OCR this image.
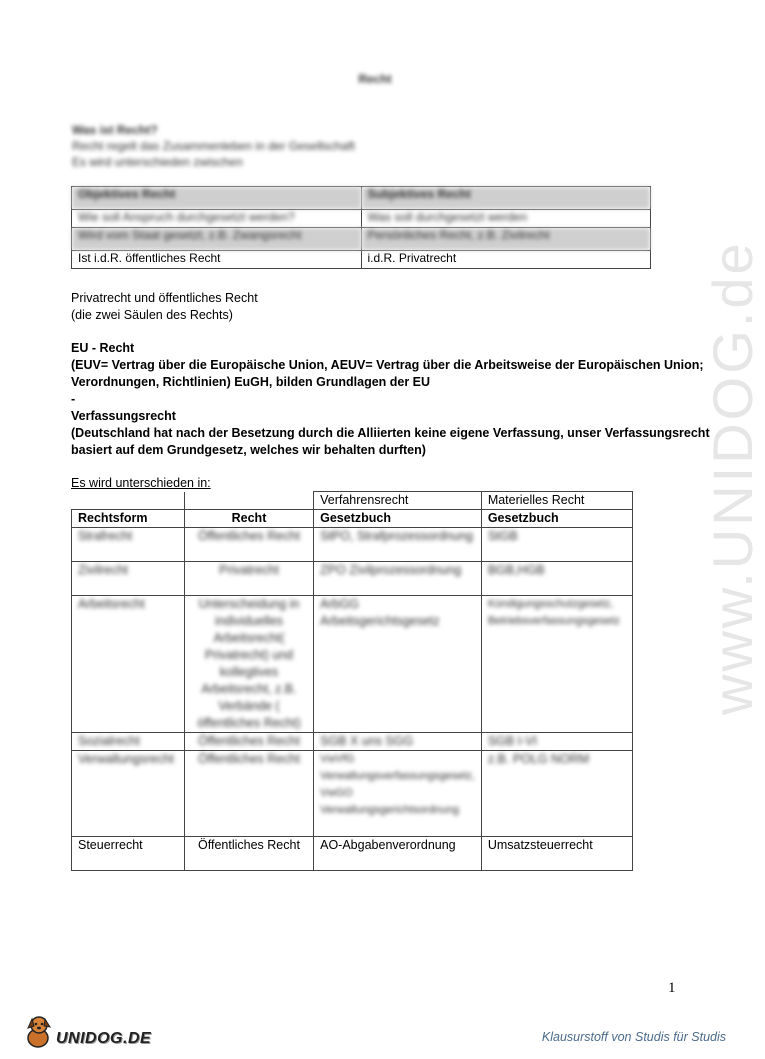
Recht
Was ist Recht?
Recht regelt das Zusammenleben in der Gesellschaft
Es wird unterschieden zwischen
Objektives Recht	Subjektives Recht
Wie soll Anspruch durchgesetzt werden?	Was soll durchgesetzt werden
Wird vom Staat gesetzt, z.B. Zwangsrecht	Persönliches Recht, z.B. Zivilrecht
Ist i.d.R. öffentliches Recht	i.d.R. Privatrecht
Privatrecht und öffentliches Recht
(die zwei Säulen des Rechts)
EU - Recht
(EUV= Vertrag über die Europäische Union, AEUV= Vertrag über die Arbeitsweise der Europäischen Union;
Verordnungen, Richtlinien) EuGH, bilden Grundlagen der EU
-
Verfassungsrecht
(Deutschland hat nach der Besetzung durch die Alliierten keine eigene Verfassung, unser Verfassungsrecht
basiert auf dem Grundgesetz, welches wir behalten durften)
Es wird unterschieden in:
		Verfahrensrecht	Materielles Recht
Rechtsform	Recht	Gesetzbuch	Gesetzbuch
Strafrecht	Öffentliches Recht	StPO, Strafprozessordnung	StGB
Zivilrecht	Privatrecht	ZPO Zivilprozessordnung	BGB,HGB
Arbeitsrecht	Unterscheidung in individuelles Arbeitsrecht( Privatrecht) und kollegtives Arbeitsrecht, z.B. Verbände ( öffentliches Recht)	ArbGG Arbeitsgerichtsgesetz	Kündigungsschutzgesetz, Betriebsverfassungsgesetz
Sozialrecht	Öffentliches Recht	SGB X uns SGG	SGB I-VI
Verwaltungsrecht	Öffentliches Recht	VwVfG Verwaltungsverfassungsgesetz, VwGO Verwaltungsgerichtsordnung	z.B. POLG NORM
Steuerrecht	Öffentliches Recht	AO-Abgabenverordnung	Umsatzsteuerrecht
www.UNIDOG.de
1
UNIDOG.DE	Klausurstoff von Studis für Studis
